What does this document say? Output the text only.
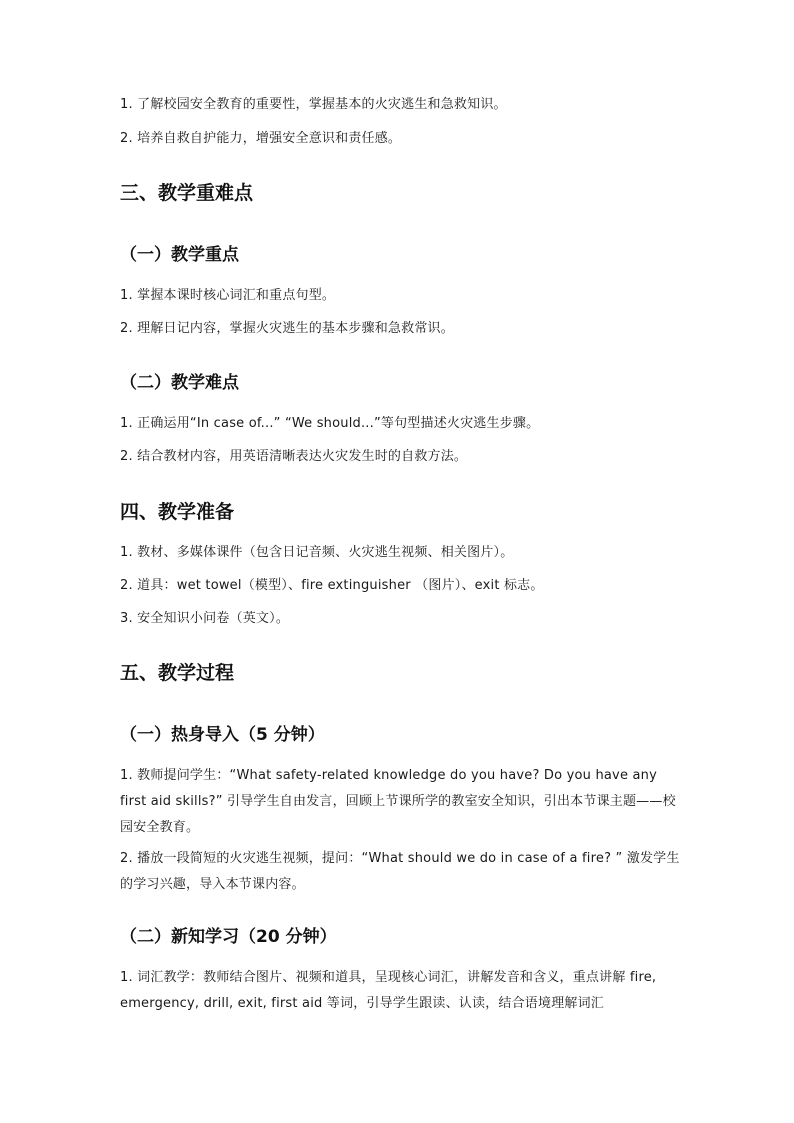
1. 了解校园安全教育的重要性，掌握基本的火灾逃生和急救知识。
2. 培养自救自护能力，增强安全意识和责任感。
三、教学重难点
（一）教学重点
1. 掌握本课时核心词汇和重点句型。
2. 理解日记内容，掌握火灾逃生的基本步骤和急救常识。
（二）教学难点
1. 正确运用“In case of...” “We should...”等句型描述火灾逃生步骤。
2. 结合教材内容，用英语清晰表达火灾发生时的自救方法。
四、教学准备
1. 教材、多媒体课件（包含日记音频、火灾逃生视频、相关图片）。
2. 道具：wet towel（模型）、fire extinguisher （图片）、exit 标志。
3. 安全知识小问卷（英文）。
五、教学过程
（一）热身导入（5 分钟）
1. 教师提问学生：“What safety-related knowledge do you have? Do you have any first aid skills?” 引导学生自由发言，回顾上节课所学的教室安全知识，引出本节课主题——校园安全教育。
2. 播放一段简短的火灾逃生视频，提问：“What should we do in case of a fire? ” 激发学生的学习兴趣，导入本节课内容。
（二）新知学习（20 分钟）
1. 词汇教学：教师结合图片、视频和道具，呈现核心词汇，讲解发音和含义，重点讲解 fire, emergency, drill, exit, first aid 等词，引导学生跟读、认读，结合语境理解词汇
